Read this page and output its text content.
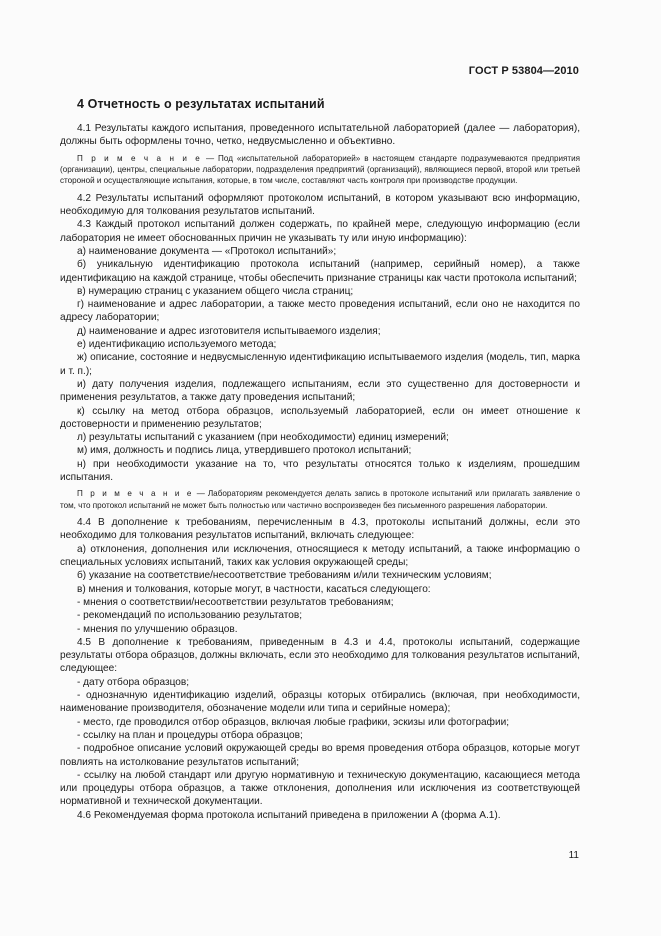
ГОСТ Р 53804—2010
4 Отчетность о результатах испытаний

4.1 Результаты каждого испытания, проведенного испытательной лабораторией (далее — лаборатория), должны быть оформлены точно, четко, недвусмысленно и объективно.

П р и м е ч а н и е — Под «испытательной лабораторией» в настоящем стандарте подразумеваются предприятия (организации), центры, специальные лаборатории, подразделения предприятий (организаций), являющиеся первой, второй или третьей стороной и осуществляющие испытания, которые, в том числе, составляют часть контроля при производстве продукции.

4.2 Результаты испытаний оформляют протоколом испытаний, в котором указывают всю информацию, необходимую для толкования результатов испытаний.

4.3 Каждый протокол испытаний должен содержать, по крайней мере, следующую информацию (если лаборатория не имеет обоснованных причин не указывать ту или иную информацию):

а) наименование документа — «Протокол испытаний»;

б) уникальную идентификацию протокола испытаний (например, серийный номер), а также идентификацию на каждой странице, чтобы обеспечить признание страницы как части протокола испытаний;

в) нумерацию страниц с указанием общего числа страниц;

г) наименование и адрес лаборатории, а также место проведения испытаний, если оно не находится по адресу лаборатории;

д) наименование и адрес изготовителя испытываемого изделия;

е) идентификацию используемого метода;

ж) описание, состояние и недвусмысленную идентификацию испытываемого изделия (модель, тип, марка и т. п.);

и) дату получения изделия, подлежащего испытаниям, если это существенно для достоверности и применения результатов, а также дату проведения испытаний;

к) ссылку на метод отбора образцов, используемый лабораторией, если он имеет отношение к достоверности и применению результатов;

л) результаты испытаний с указанием (при необходимости) единиц измерений;

м) имя, должность и подпись лица, утвердившего протокол испытаний;

н) при необходимости указание на то, что результаты относятся только к изделиям, прошедшим испытания.

П р и м е ч а н и е — Лабораториям рекомендуется делать запись в протоколе испытаний или прилагать заявление о том, что протокол испытаний не может быть полностью или частично воспроизведен без письменного разрешения лаборатории.

4.4 В дополнение к требованиям, перечисленным в 4.3, протоколы испытаний должны, если это необходимо для толкования результатов испытаний, включать следующее:

а) отклонения, дополнения или исключения, относящиеся к методу испытаний, а также информацию о специальных условиях испытаний, таких как условия окружающей среды;

б) указание на соответствие/несоответствие требованиям и/или техническим условиям;

в) мнения и толкования, которые могут, в частности, касаться следующего:

- мнения о соответствии/несоответствии результатов требованиям;

- рекомендаций по использованию результатов;

- мнения по улучшению образцов.

4.5 В дополнение к требованиям, приведенным в 4.3 и 4.4, протоколы испытаний, содержащие результаты отбора образцов, должны включать, если это необходимо для толкования результатов испытаний, следующее:

- дату отбора образцов;

- однозначную идентификацию изделий, образцы которых отбирались (включая, при необходимости, наименование производителя, обозначение модели или типа и серийные номера);

- место, где проводился отбор образцов, включая любые графики, эскизы или фотографии;

- ссылку на план и процедуры отбора образцов;

- подробное описание условий окружающей среды во время проведения отбора образцов, которые могут повлиять на истолкование результатов испытаний;

- ссылку на любой стандарт или другую нормативную и техническую документацию, касающиеся метода или процедуры отбора образцов, а также отклонения, дополнения или исключения из соответствующей нормативной и технической документации.

4.6 Рекомендуемая форма протокола испытаний приведена в приложении А (форма А.1).

11
